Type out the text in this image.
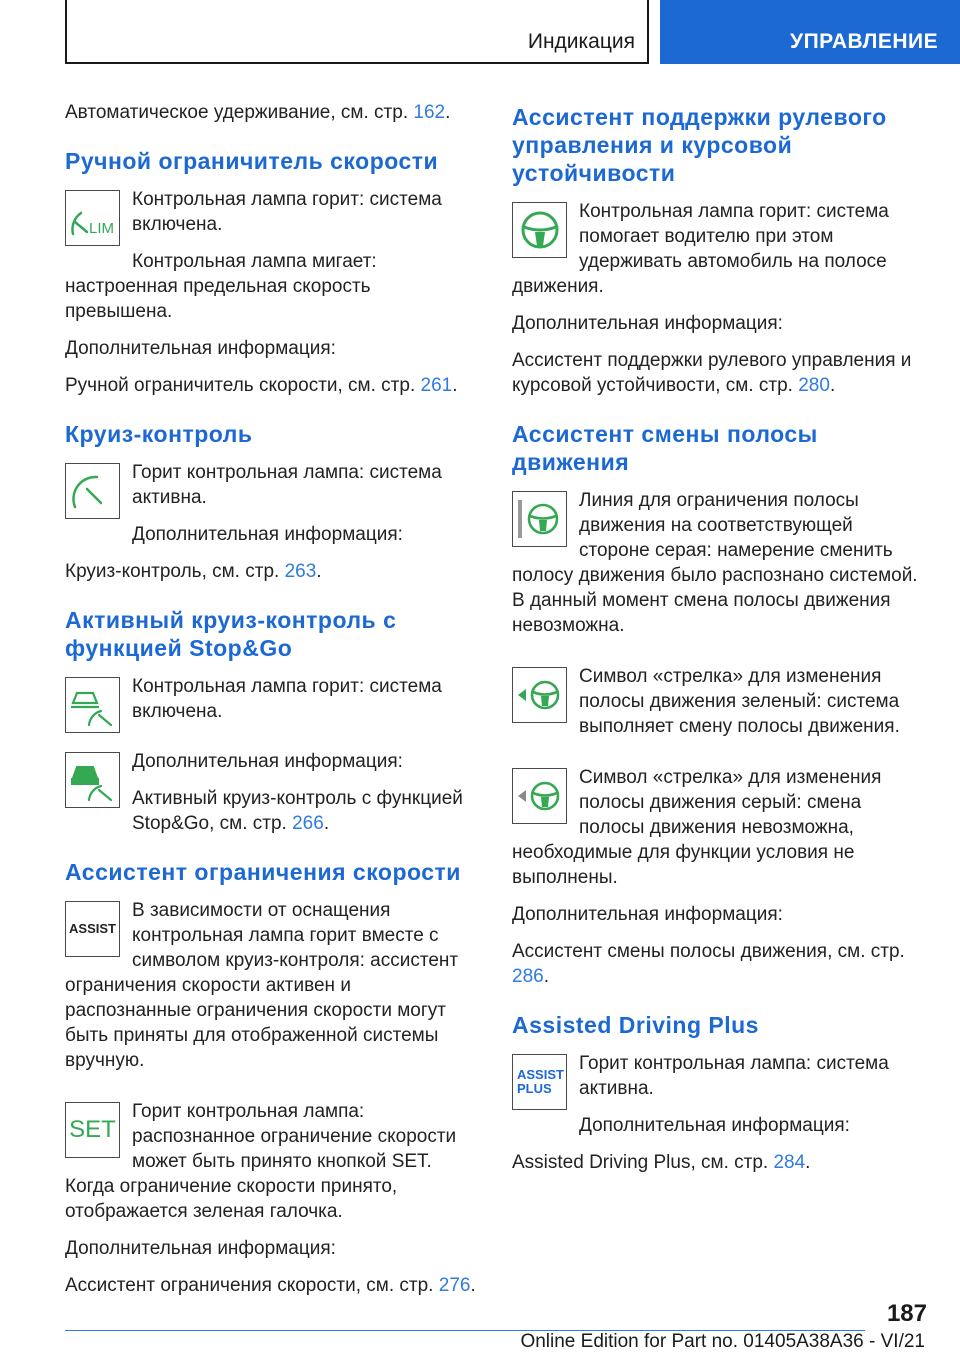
Индикация	УПРАВЛЕНИЕ

Автоматическое удерживание, см. стр. 162.

Ручной ограничитель скорости
LIM

Контрольная лампа горит: система включена.

Контрольная лампа мигает: настроенная предельная скорость превышена.

Дополнительная информация:

Ручной ограничитель скорости, см. стр. 261.

Круиз-контроль

Горит контрольная лампа: система активна.

Дополнительная информация:

Круиз-контроль, см. стр. 263.

Активный круиз-контроль с функцией Stop&Go

Контрольная лампа горит: система включена.

Дополнительная информация:

Активный круиз-контроль с функцией Stop&Go, см. стр. 266.

Ассистент ограничения скорости
ASSIST

В зависимости от оснащения контрольная лампа горит вместе с символом круиз-контроля: ассистент ограничения скорости активен и распознанные ограничения скорости могут быть приняты для отображенной системы вручную.

SET

Горит контрольная лампа: распознанное ограничение скорости может быть принято кнопкой SET. Когда ограничение скорости принято, отображается зеленая галочка.

Дополнительная информация:

Ассистент ограничения скорости, см. стр. 276.

Ассистент поддержки рулевого управления и курсовой устойчивости

Контрольная лампа горит: система помогает водителю при этом удерживать автомобиль на полосе движения.

Дополнительная информация:

Ассистент поддержки рулевого управления и курсовой устойчивости, см. стр. 280.

Ассистент смены полосы движения

Линия для ограничения полосы движения на соответствующей стороне серая: намерение сменить полосу движения было распознано системой. В данный момент смена полосы движения невозможна.

Символ «стрелка» для изменения полосы движения зеленый: система выполняет смену полосы движения.

Символ «стрелка» для изменения полосы движения серый: смена полосы движения невозможна, необходимые для функции условия не выполнены.

Дополнительная информация:

Ассистент смены полосы движения, см. стр. 286.

Assisted Driving Plus
ASSIST
PLUS

Горит контрольная лампа: система активна.

Дополнительная информация:

Assisted Driving Plus, см. стр. 284.

187
Online Edition for Part no. 01405A38A36 - VI/21
